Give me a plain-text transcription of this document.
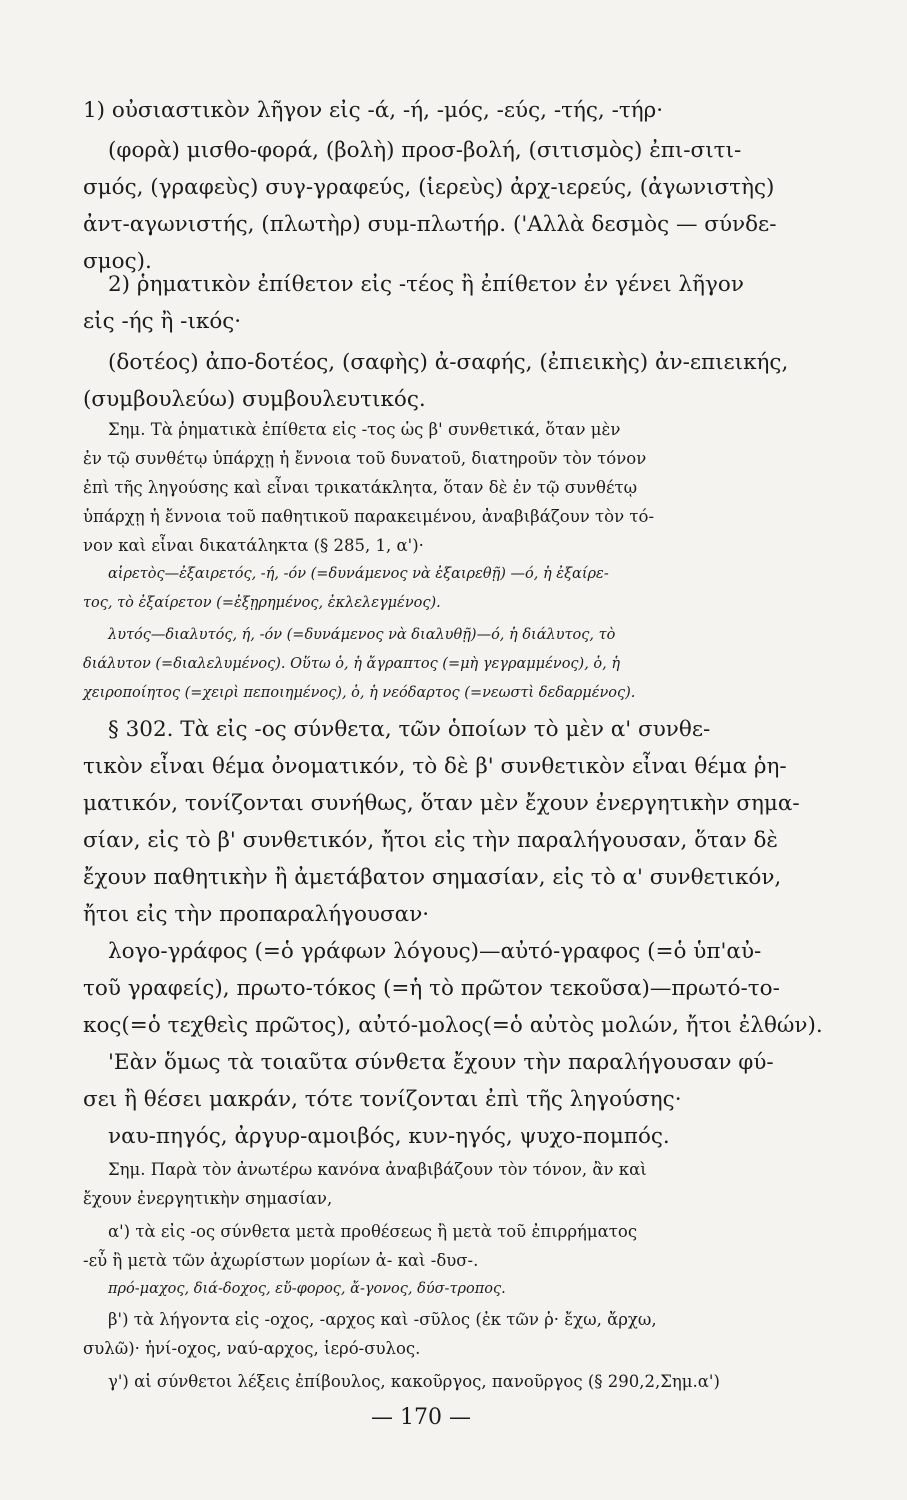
1) οὐσιαστικὸν λῆγον εἰς -ά, -ή, -μός, -εύς, -τής, -τήρ·
(φορὰ) μισθο-φορά, (βολὴ) προσ-βολή, (σιτισμὸς) ἐπι-σιτι-
σμός, (γραφεὺς) συγ-γραφεύς, (ἱερεὺς) ἀρχ-ιερεύς, (ἀγωνιστὴς)
ἀντ-αγωνιστής, (πλωτὴρ) συμ-πλωτήρ. ('Αλλὰ δεσμὸς — σύνδε-
σμος).
2) ῥηματικὸν ἐπίθετον εἰς -τέος ἢ ἐπίθετον ἐν γένει λῆγον
εἰς -ής ἢ -ικός·
(δοτέος) ἀπο-δοτέος, (σαφὴς) ἀ-σαφής, (ἐπιεικὴς) ἀν-επιεικής,
(συμβουλεύω) συμβουλευτικός.
Σημ. Τὰ ῥηματικὰ ἐπίθετα εἰς -τος ὡς β' συνθετικά, ὅταν μὲν
ἐν τῷ συνθέτῳ ὑπάρχῃ ἡ ἔννοια τοῦ δυνατοῦ, διατηροῦν τὸν τόνον
ἐπὶ τῆς ληγούσης καὶ εἶναι τρικατάκλητα, ὅταν δὲ ἐν τῷ συνθέτῳ
ὑπάρχῃ ἡ ἔννοια τοῦ παθητικοῦ παρακειμένου, ἀναβιβάζουν τὸν τό-
νον καὶ εἶναι δικατάληκτα (§ 285, 1, α')·
αἱρετὸς—ἐξαιρετός, -ή, -όν (=δυνάμενος νὰ ἐξαιρεθῇ) —ό, ἡ ἐξαίρε-
τος, τὸ ἐξαίρετον (=ἐξῃρημένος, ἐκλελεγμένος).
λυτός—διαλυτός, ή, -όν (=δυνάμενος νὰ διαλυθῇ)—ό, ἡ διάλυτος, τὸ
διάλυτον (=διαλελυμένος). Οὕτω ὁ, ἡ ἄγραπτος (=μὴ γεγραμμένος), ὁ, ἡ
χειροποίητος (=χειρὶ πεποιημένος), ὁ, ἡ νεόδαρτος (=νεωστὶ δεδαρμένος).
§ 302. Τὰ εἰς -ος σύνθετα, τῶν ὁποίων τὸ μὲν α' συνθε-
τικὸν εἶναι θέμα ὀνοματικόν, τὸ δὲ β' συνθετικὸν εἶναι θέμα ῥη-
ματικόν, τονίζονται συνήθως, ὅταν μὲν ἔχουν ἐνεργητικὴν σημα-
σίαν, εἰς τὸ β' συνθετικόν, ἤτοι εἰς τὴν παραλήγουσαν, ὅταν δὲ
ἔχουν παθητικὴν ἢ ἀμετάβατον σημασίαν, εἰς τὸ α' συνθετικόν,
ἤτοι εἰς τὴν προπαραλήγουσαν·
λογο-γράφος (=ὁ γράφων λόγους)—αὐτό-γραφος (=ὁ ὑπ'αὐ-
τοῦ γραφείς), πρωτο-τόκος (=ἡ τὸ πρῶτον τεκοῦσα)—πρωτό-το-
κος(=ὁ τεχθεὶς πρῶτος), αὐτό-μολος(=ὁ αὐτὸς μολών, ἤτοι ἐλθών).
'Εὰν ὅμως τὰ τοιαῦτα σύνθετα ἔχουν τὴν παραλήγουσαν φύ-
σει ἢ θέσει μακράν, τότε τονίζονται ἐπὶ τῆς ληγούσης·
ναυ-πηγός, ἀργυρ-αμοιβός, κυν-ηγός, ψυχο-πομπός.
Σημ. Παρὰ τὸν ἀνωτέρω κανόνα ἀναβιβάζουν τὸν τόνον, ἂν καὶ
ἔχουν ἐνεργητικὴν σημασίαν,
α') τὰ εἰς -ος σύνθετα μετὰ προθέσεως ἢ μετὰ τοῦ ἐπιρρήματος
-εὖ ἢ μετὰ τῶν ἀχωρίστων μορίων ἀ- καὶ -δυσ-.
πρό-μαχος, διά-δοχος, εὔ-φορος, ἄ-γονος, δύσ-τροπος.
β') τὰ λήγοντα εἰς -οχος, -αρχος καὶ -σῦλος (ἐκ τῶν ῥ· ἔχω, ἄρχω,
συλῶ)· ἡνί-οχος, ναύ-αρχος, ἱερό-συλος.
γ') αἱ σύνθετοι λέξεις ἐπίβουλος, κακοῦργος, πανοῦργος (§ 290,2,Σημ.α')
— 170 —
